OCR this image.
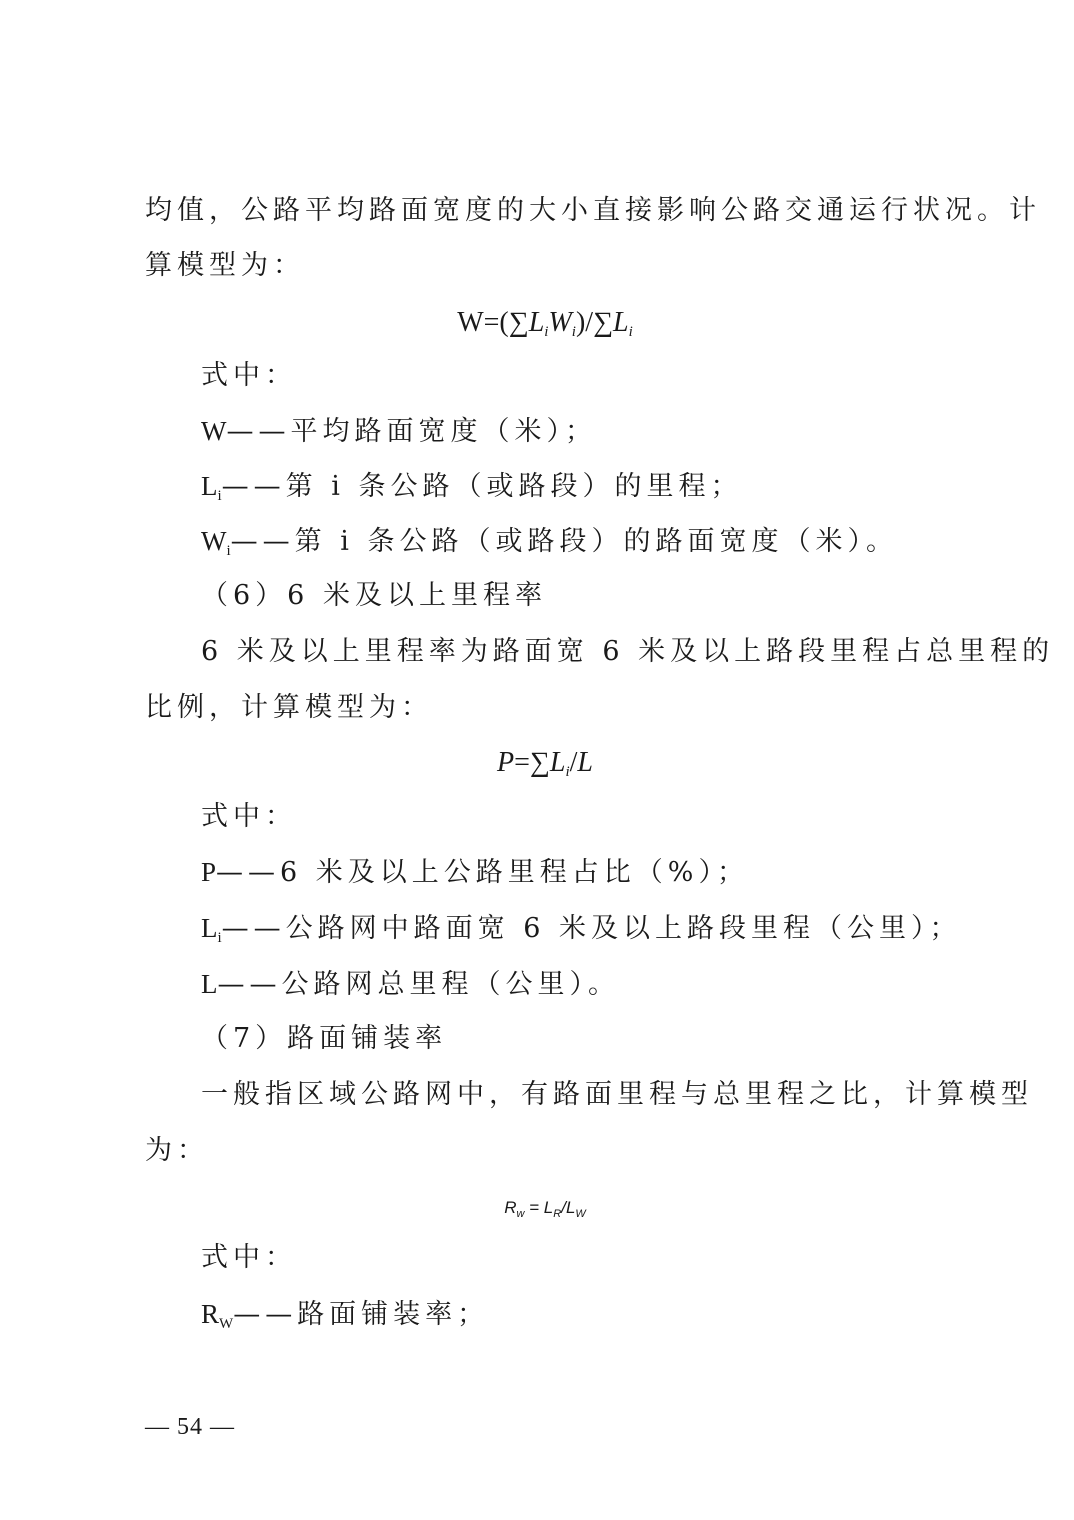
均值，公路平均路面宽度的大小直接影响公路交通运行状况。计
算模型为：
$W=(\sum L_iW_i)/\sum L_i$
式中：
W——平均路面宽度（米）；
$L_i——$第 i 条公路（或路段）的里程；
$W_i——$第 i 条公路（或路段）的路面宽度（米）。
（6）6 米及以上里程率
6 米及以上里程率为路面宽 6 米及以上路段里程占总里程的
比例，计算模型为：
$P=\sum L_i/L$
式中：
P——6 米及以上公路里程占比（%）；
$L_i——$公路网中路面宽 6 米及以上路段里程（公里）；
L——公路网总里程（公里）。
（7）路面铺装率
一般指区域公路网中，有路面里程与总里程之比，计算模型
为：
$R_w = L_R/L_W$
式中：
$R_W——$路面铺装率；
— 54 —
